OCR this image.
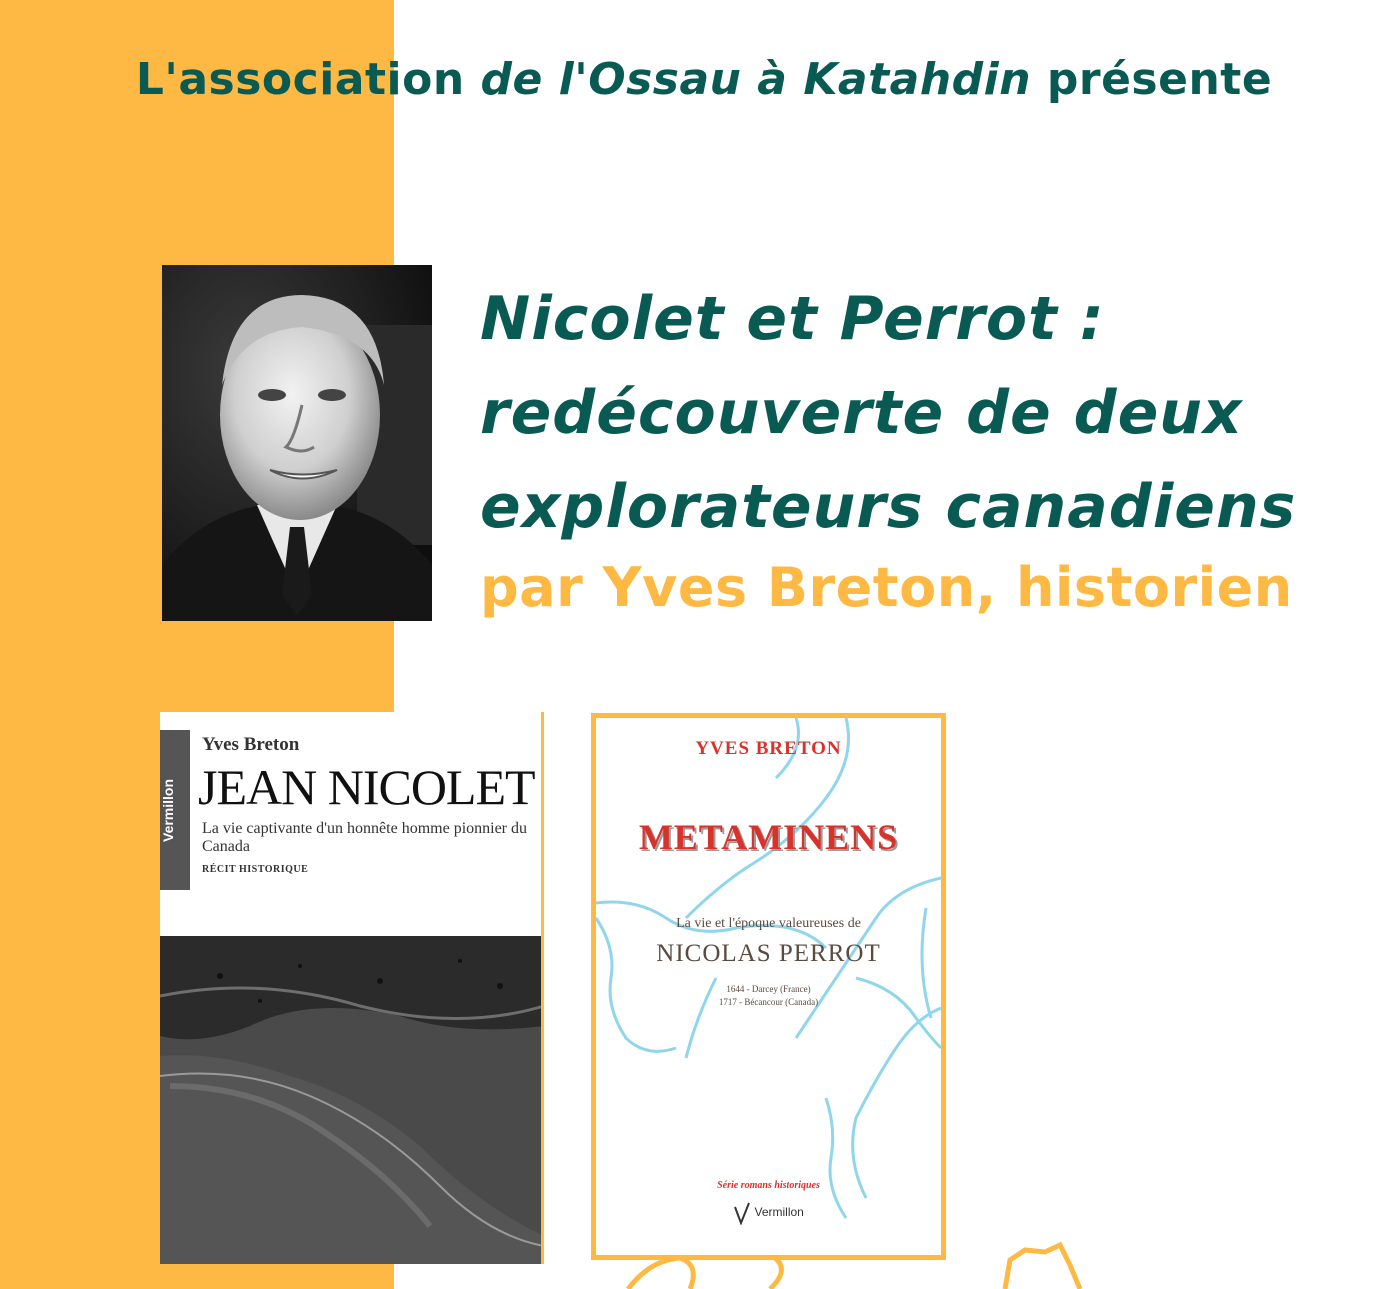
L'association de l'Ossau à Katahdin présente
Nicolet et Perrot :
redécouverte de deux
explorateurs canadiens
par Yves Breton, historien
Vermillon
Yves Breton
JEAN NICOLET
La vie captivante d'un honnête homme pionnier du Canada
RÉCIT HISTORIQUE
YVES BRETON
METAMINENS
La vie et l'époque valeureuses de
NICOLAS PERROT
1644 - Darcey (France)
1717 - Bécancour (Canada)
Série romans historiques
Vermillon
